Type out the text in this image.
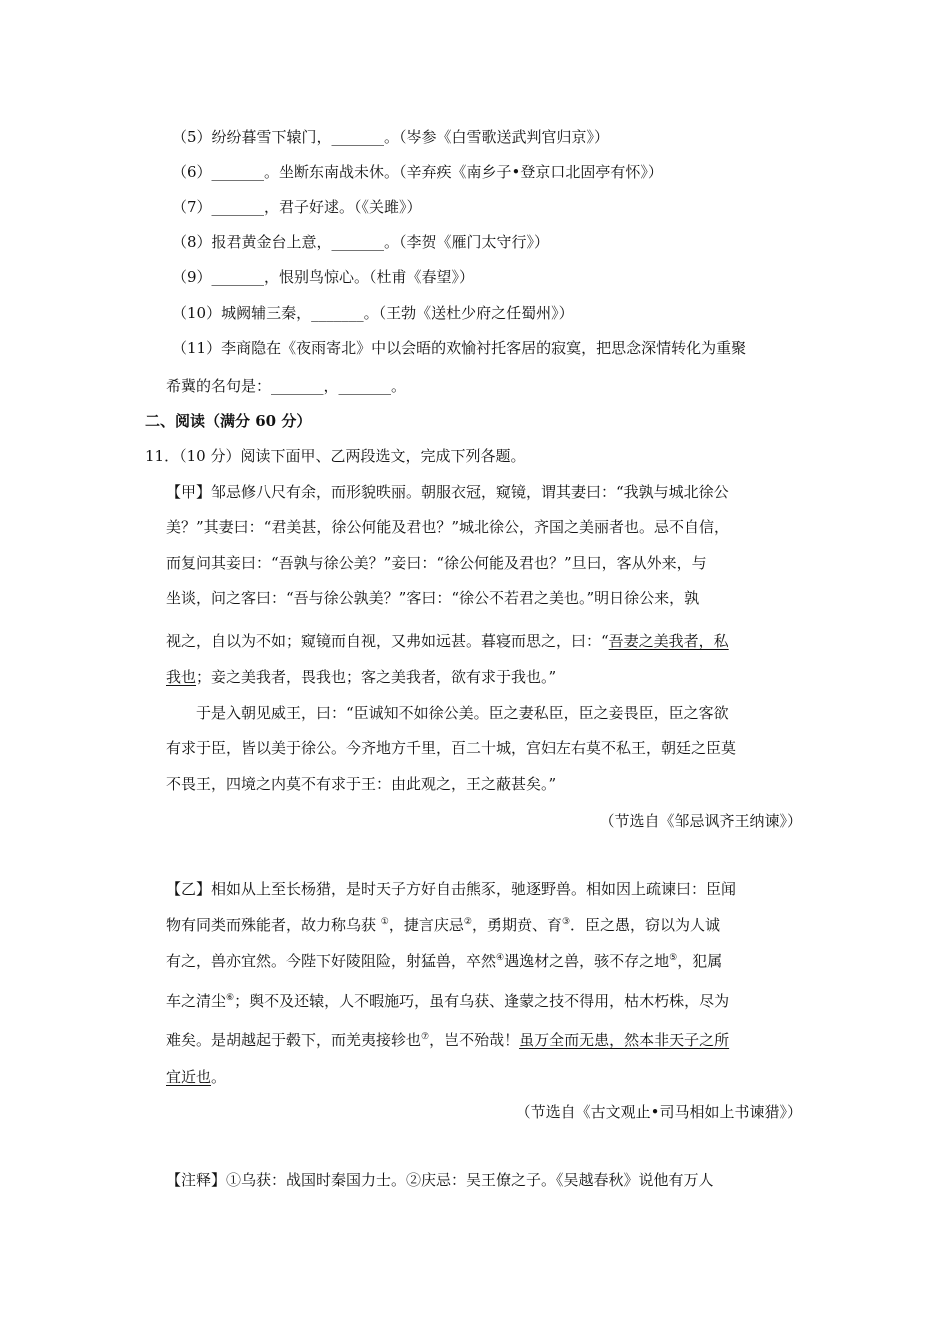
（5）纷纷暮雪下辕门，_______。（岑参《白雪歌送武判官归京》）
（6）_______。坐断东南战未休。（辛弃疾《南乡子•登京口北固亭有怀》）
（7）_______，君子好逑。（《关雎》）
（8）报君黄金台上意，_______。（李贺《雁门太守行》）
（9）_______，恨别鸟惊心。（杜甫《春望》）
（10）城阙辅三秦，_______。（王勃《送杜少府之任蜀州》）
（11）李商隐在《夜雨寄北》中以会晤的欢愉衬托客居的寂寞，把思念深情转化为重聚
希冀的名句是：_______，_______。
二、阅读（满分 60 分）
11．（10 分）阅读下面甲、乙两段选文，完成下列各题。
【甲】邹忌修八尺有余，而形貌昳丽。朝服衣冠，窥镜，谓其妻曰：“我孰与城北徐公
美？”其妻曰：“君美甚，徐公何能及君也？”城北徐公，齐国之美丽者也。忌不自信，
而复问其妾曰：“吾孰与徐公美？”妾曰：“徐公何能及君也？”旦曰，客从外来，与
坐谈，问之客曰：“吾与徐公孰美？”客曰：“徐公不若君之美也。”明日徐公来，孰
视之，自以为不如；窥镜而自视，又弗如远甚。暮寝而思之，曰：“吾妻之美我者，私
我也；妾之美我者，畏我也；客之美我者，欲有求于我也。”
于是入朝见威王，曰：“臣诚知不如徐公美。臣之妻私臣，臣之妾畏臣，臣之客欲
有求于臣，皆以美于徐公。今齐地方千里，百二十城，宫妇左右莫不私王，朝廷之臣莫
不畏王，四境之内莫不有求于王：由此观之，王之蔽甚矣。”
（节选自《邹忌讽齐王纳谏》）
【乙】相如从上至长杨猎，是时天子方好自击熊豕，驰逐野兽。相如因上疏谏曰：臣闻
物有同类而殊能者，故力称乌获 ①，捷言庆忌②，勇期贲、育③．臣之愚，窃以为人诚
有之，兽亦宜然。今陛下好陵阻险，射猛兽，卒然④遇逸材之兽，骇不存之地⑤，犯属
车之清尘⑥；舆不及还辕，人不暇施巧，虽有乌获、逢蒙之技不得用，枯木朽株，尽为
难矣。是胡越起于毂下，而羌夷接轸也⑦，岂不殆哉！虽万全而无患，然本非天子之所
宜近也。
（节选自《古文观止•司马相如上书谏猎》）
【注释】①乌获：战国时秦国力士。②庆忌：吴王僚之子。《吴越春秋》说他有万人
